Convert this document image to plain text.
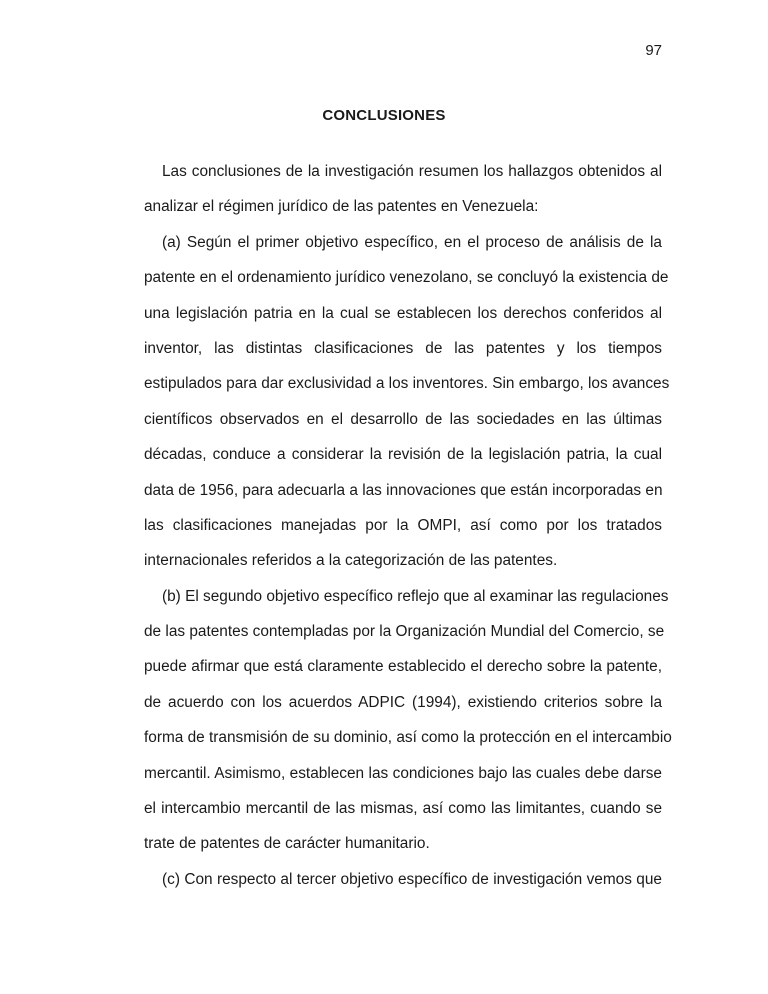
97
CONCLUSIONES
Las conclusiones de la investigación resumen los hallazgos obtenidos al
analizar el régimen jurídico de las patentes en Venezuela:
(a) Según el primer objetivo específico, en el proceso de análisis de la
patente en el ordenamiento jurídico venezolano, se concluyó la existencia de
una legislación patria en la cual se establecen los derechos conferidos al
inventor, las distintas clasificaciones de las patentes y los tiempos
estipulados para dar exclusividad a los inventores. Sin embargo, los avances
científicos observados en el desarrollo de las sociedades en las últimas
décadas, conduce a considerar la revisión de la legislación patria, la cual
data de 1956, para adecuarla a las innovaciones que están incorporadas en
las clasificaciones manejadas por la OMPI, así como por los tratados
internacionales referidos a la categorización de las patentes.
(b) El segundo objetivo específico reflejo que al examinar las regulaciones
de las patentes contempladas por la Organización Mundial del Comercio, se
puede afirmar que está claramente establecido el derecho sobre la patente,
de acuerdo con los acuerdos ADPIC (1994), existiendo criterios sobre la
forma de transmisión de su dominio, así como la protección en el intercambio
mercantil. Asimismo, establecen las condiciones bajo las cuales debe darse
el intercambio mercantil de las mismas, así como las limitantes, cuando se
trate de patentes de carácter humanitario.
(c) Con respecto al tercer objetivo específico de investigación vemos que
